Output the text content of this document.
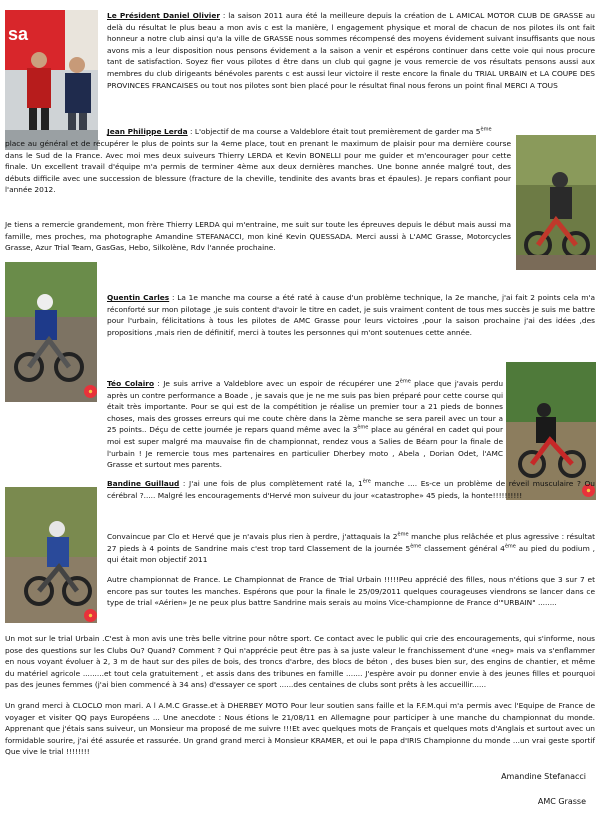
sa

Le Président Daniel Olivier : la saison 2011 aura été la meilleure depuis la création de L AMICAL MOTOR CLUB DE GRASSE au delà du résultat le plus beau a mon avis c est la manière, l engagement physique et moral de chacun de nos pilotes ils ont fait honneur a notre club ainsi qu'a la ville de GRASSE nous sommes récompensé des moyens évidement suivant insuffisants que nous avons mis a leur disposition nous pensons évidement a la saison a venir et espérons continuer dans cette voie qui nous procure tant de satisfaction. Soyez fier vous pilotes d être dans un club qui gagne je vous remercie de vos résultats pensons aussi aux membres du club dirigeants bénévoles parents c est aussi leur victoire il reste encore la finale du TRIAL URBAIN et LA COUPE DES PROVINCES FRANCAISES ou tout nos pilotes sont bien placé pour le résultat final nous ferons un point final MERCI A TOUS

Jean Philippe Lerda : L'objectif de ma course a Valdeblore était tout premièrement de garder ma 5ème

place au général et de récupérer le plus de points sur la 4eme place, tout en prenant le maximum de plaisir pour ma dernière course dans le Sud de la France. Avec moi mes deux suiveurs Thierry LERDA et Kevin BONELLI pour me guider et m'encourager pour cette finale. Un excellent travail d'équipe m'a permis de terminer 4ème aux deux dernières manches. Une bonne année malgré tout, des débuts difficile avec une succession de blessure (fracture de la cheville, tendinite des avants bras et épaules). Je repars confiant pour l'année 2012.

Je tiens a remercie grandement, mon frère Thierry LERDA qui m'entraine, me suit sur toute les épreuves depuis le début mais aussi ma famille, mes proches, ma photographe Amandine STEFANACCI, mon kiné Kevin QUESSADA. Merci aussi à L'AMC Grasse, Motorcycles Grasse, Azur Trial Team, GasGas, Hebo, Silkolène, Rdv l'année prochaine.

Quentin Carles : La 1e manche ma course a été raté à cause d'un problème technique, la 2e manche, j'ai fait 2 points cela m'a réconforté sur mon pilotage ,je suis content d'avoir le titre en cadet, je suis vraiment content de tous mes succès je suis me battre pour l'urbain, félicitations à tous les pilotes de AMC Grasse pour leurs victoires ,pour la saison prochaine j'ai des idées ,des propositions ,mais rien de définitif, merci à toutes les personnes qui m'ont soutenues cette année.

Téo Colairo : Je suis arrive a Valdeblore avec un espoir de récupérer une 2ème place que j'avais perdu après un contre performance a Boade , je savais que je ne me suis pas bien préparé pour cette course qui était très importante. Pour se qui est de la compétition je réalise un premier tour a 21 pieds de bonnes choses, mais des grosses erreurs qui me coute chère dans la 2ème manche se sera pareil avec un tour a 25 points.. Déçu de cette journée je repars quand même avec la 3ème place au général en cadet qui pour moi est super malgré ma mauvaise fin de championnat, rendez vous a Salies de Béarn pour la finale de l'urbain ! Je remercie tous mes partenaires en particulier Dherbey moto , Abela , Dorian Odet, l'AMC Grasse et surtout mes parents.

Bandine Guillaud : J'ai une fois de plus complètement raté la, 1ère manche .... Es-ce un problème de réveil musculaire ? Ou cérébral ?..... Malgré les encouragements d'Hervé mon suiveur du jour «catastrophe» 45 pieds, la honte!!!!!!!!!!

Convaincue par Clo et Hervé que je n'avais plus rien à perdre, j'attaquais la 2ème manche plus relâchée et plus agressive : résultat 27 pieds à 4 points de Sandrine mais c'est trop tard Classement de la journée 5ème classement général 4ème au pied du podium , qui était mon objectif 2011

Autre championnat de France. Le Championnat de France de Trial Urbain !!!!!Peu apprécié des filles, nous n'étions que 3 sur 7 et encore pas sur toutes les manches. Espérons que pour la finale le 25/09/2011 quelques courageuses viendrons se lancer dans ce type de trial «Aérien» Je ne peux plus battre Sandrine mais serais au moins Vice-championne de France d'"URBAIN" ........

Un mot sur le trial Urbain .C'est à mon avis une très belle vitrine pour nôtre sport. Ce contact avec le public qui crie des encouragements, qui s'informe, nous pose des questions sur les Clubs Ou? Quand? Comment ? Qui n'apprécie peut être pas à sa juste valeur le franchissement d'une «neg» mais va s'enflammer en nous voyant évoluer à 2, 3 m de haut sur des piles de bois, des troncs d'arbre, des blocs de béton , des buses bien sur, des engins de chantier, et même du matériel agricole .........et tout cela gratuitement , et assis dans des tribunes en famille ....... J'espère avoir pu donner envie à des jeunes filles et pourquoi pas des jeunes femmes (j'ai bien commencé à 34 ans) d'essayer ce sport ......des centaines de clubs sont prêts à les accueillir......

Un grand merci à CLOCLO mon mari. A l A.M.C Grasse.et à DHERBEY MOTO Pour leur soutien sans faille et la F.F.M.qui m'a permis avec l'Equipe de France de voyager et visiter QQ pays Européens ... Une anecdote : Nous étions le 21/08/11 en Allemagne pour participer à une manche du championnat du monde. Apprenant que j'étais sans suiveur, un Monsieur ma proposé de me suivre !!!Et avec quelques mots de Français et quelques mots d'Anglais et surtout avec un formidable sourire, j'ai été assurée et rassurée. Un grand grand merci à Monsieur KRAMER, et oui le papa d'IRIS Championne du monde ...un vrai geste sportif Que vive le trial !!!!!!!!

Amandine Stefanacci
AMC Grasse
